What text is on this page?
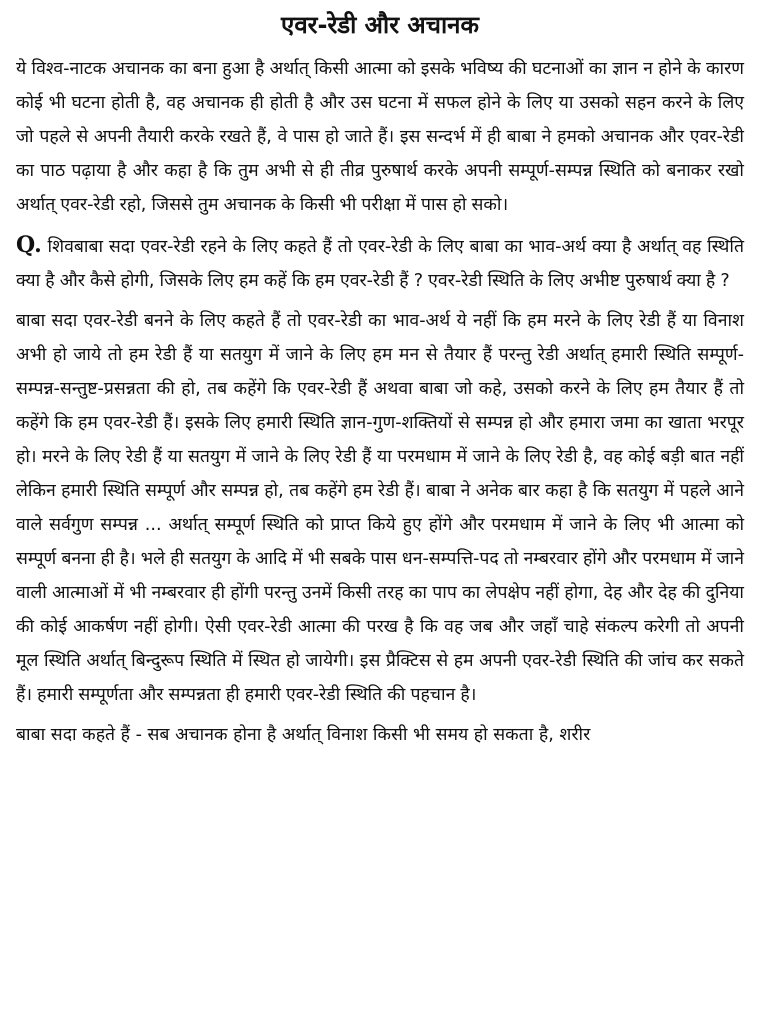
एवर-रेडी और अचानक

ये विश्व-नाटक अचानक का बना हुआ है अर्थात् किसी आत्मा को इसके भविष्य की घटनाओं का ज्ञान न होने के कारण कोई भी घटना होती है, वह अचानक ही होती है और उस घटना में सफल होने के लिए या उसको सहन करने के लिए जो पहले से अपनी तैयारी करके रखते हैं, वे पास हो जाते हैं। इस सन्दर्भ में ही बाबा ने हमको अचानक और एवर-रेडी का पाठ पढ़ाया है और कहा है कि तुम अभी से ही तीव्र पुरुषार्थ करके अपनी सम्पूर्ण-सम्पन्न स्थिति को बनाकर रखो अर्थात् एवर-रेडी रहो, जिससे तुम अचानक के किसी भी परीक्षा में पास हो सको।

Q. शिवबाबा सदा एवर-रेडी रहने के लिए कहते हैं तो एवर-रेडी के लिए बाबा का भाव-अर्थ क्या है अर्थात् वह स्थिति क्या है और कैसे होगी, जिसके लिए हम कहें कि हम एवर-रेडी हैं ? एवर-रेडी स्थिति के लिए अभीष्ट पुरुषार्थ क्या है ?

बाबा सदा एवर-रेडी बनने के लिए कहते हैं तो एवर-रेडी का भाव-अर्थ ये नहीं कि हम मरने के लिए रेडी हैं या विनाश अभी हो जाये तो हम रेडी हैं या सतयुग में जाने के लिए हम मन से तैयार हैं परन्तु रेडी अर्थात् हमारी स्थिति सम्पूर्ण-सम्पन्न-सन्तुष्ट-प्रसन्नता की हो, तब कहेंगे कि एवर-रेडी हैं अथवा बाबा जो कहे, उसको करने के लिए हम तैयार हैं तो कहेंगे कि हम एवर-रेडी हैं। इसके लिए हमारी स्थिति ज्ञान-गुण-शक्तियों से सम्पन्न हो और हमारा जमा का खाता भरपूर हो। मरने के लिए रेडी हैं या सतयुग में जाने के लिए रेडी हैं या परमधाम में जाने के लिए रेडी है, वह कोई बड़ी बात नहीं लेकिन हमारी स्थिति सम्पूर्ण और सम्पन्न हो, तब कहेंगे हम रेडी हैं। बाबा ने अनेक बार कहा है कि सतयुग में पहले आने वाले सर्वगुण सम्पन्न ... अर्थात् सम्पूर्ण स्थिति को प्राप्त किये हुए होंगे और परमधाम में जाने के लिए भी आत्मा को सम्पूर्ण बनना ही है। भले ही सतयुग के आदि में भी सबके पास धन-सम्पत्ति-पद तो नम्बरवार होंगे और परमधाम में जाने वाली आत्माओं में भी नम्बरवार ही होंगी परन्तु उनमें किसी तरह का पाप का लेपक्षेप नहीं होगा, देह और देह की दुनिया की कोई आकर्षण नहीं होगी। ऐसी एवर-रेडी आत्मा की परख है कि वह जब और जहाँ चाहे संकल्प करेगी तो अपनी मूल स्थिति अर्थात् बिन्दुरूप स्थिति में स्थित हो जायेगी। इस प्रैक्टिस से हम अपनी एवर-रेडी स्थिति की जांच कर सकते हैं। हमारी सम्पूर्णता और सम्पन्नता ही हमारी एवर-रेडी स्थिति की पहचान है।

बाबा सदा कहते हैं - सब अचानक होना है अर्थात् विनाश किसी भी समय हो सकता है, शरीर
